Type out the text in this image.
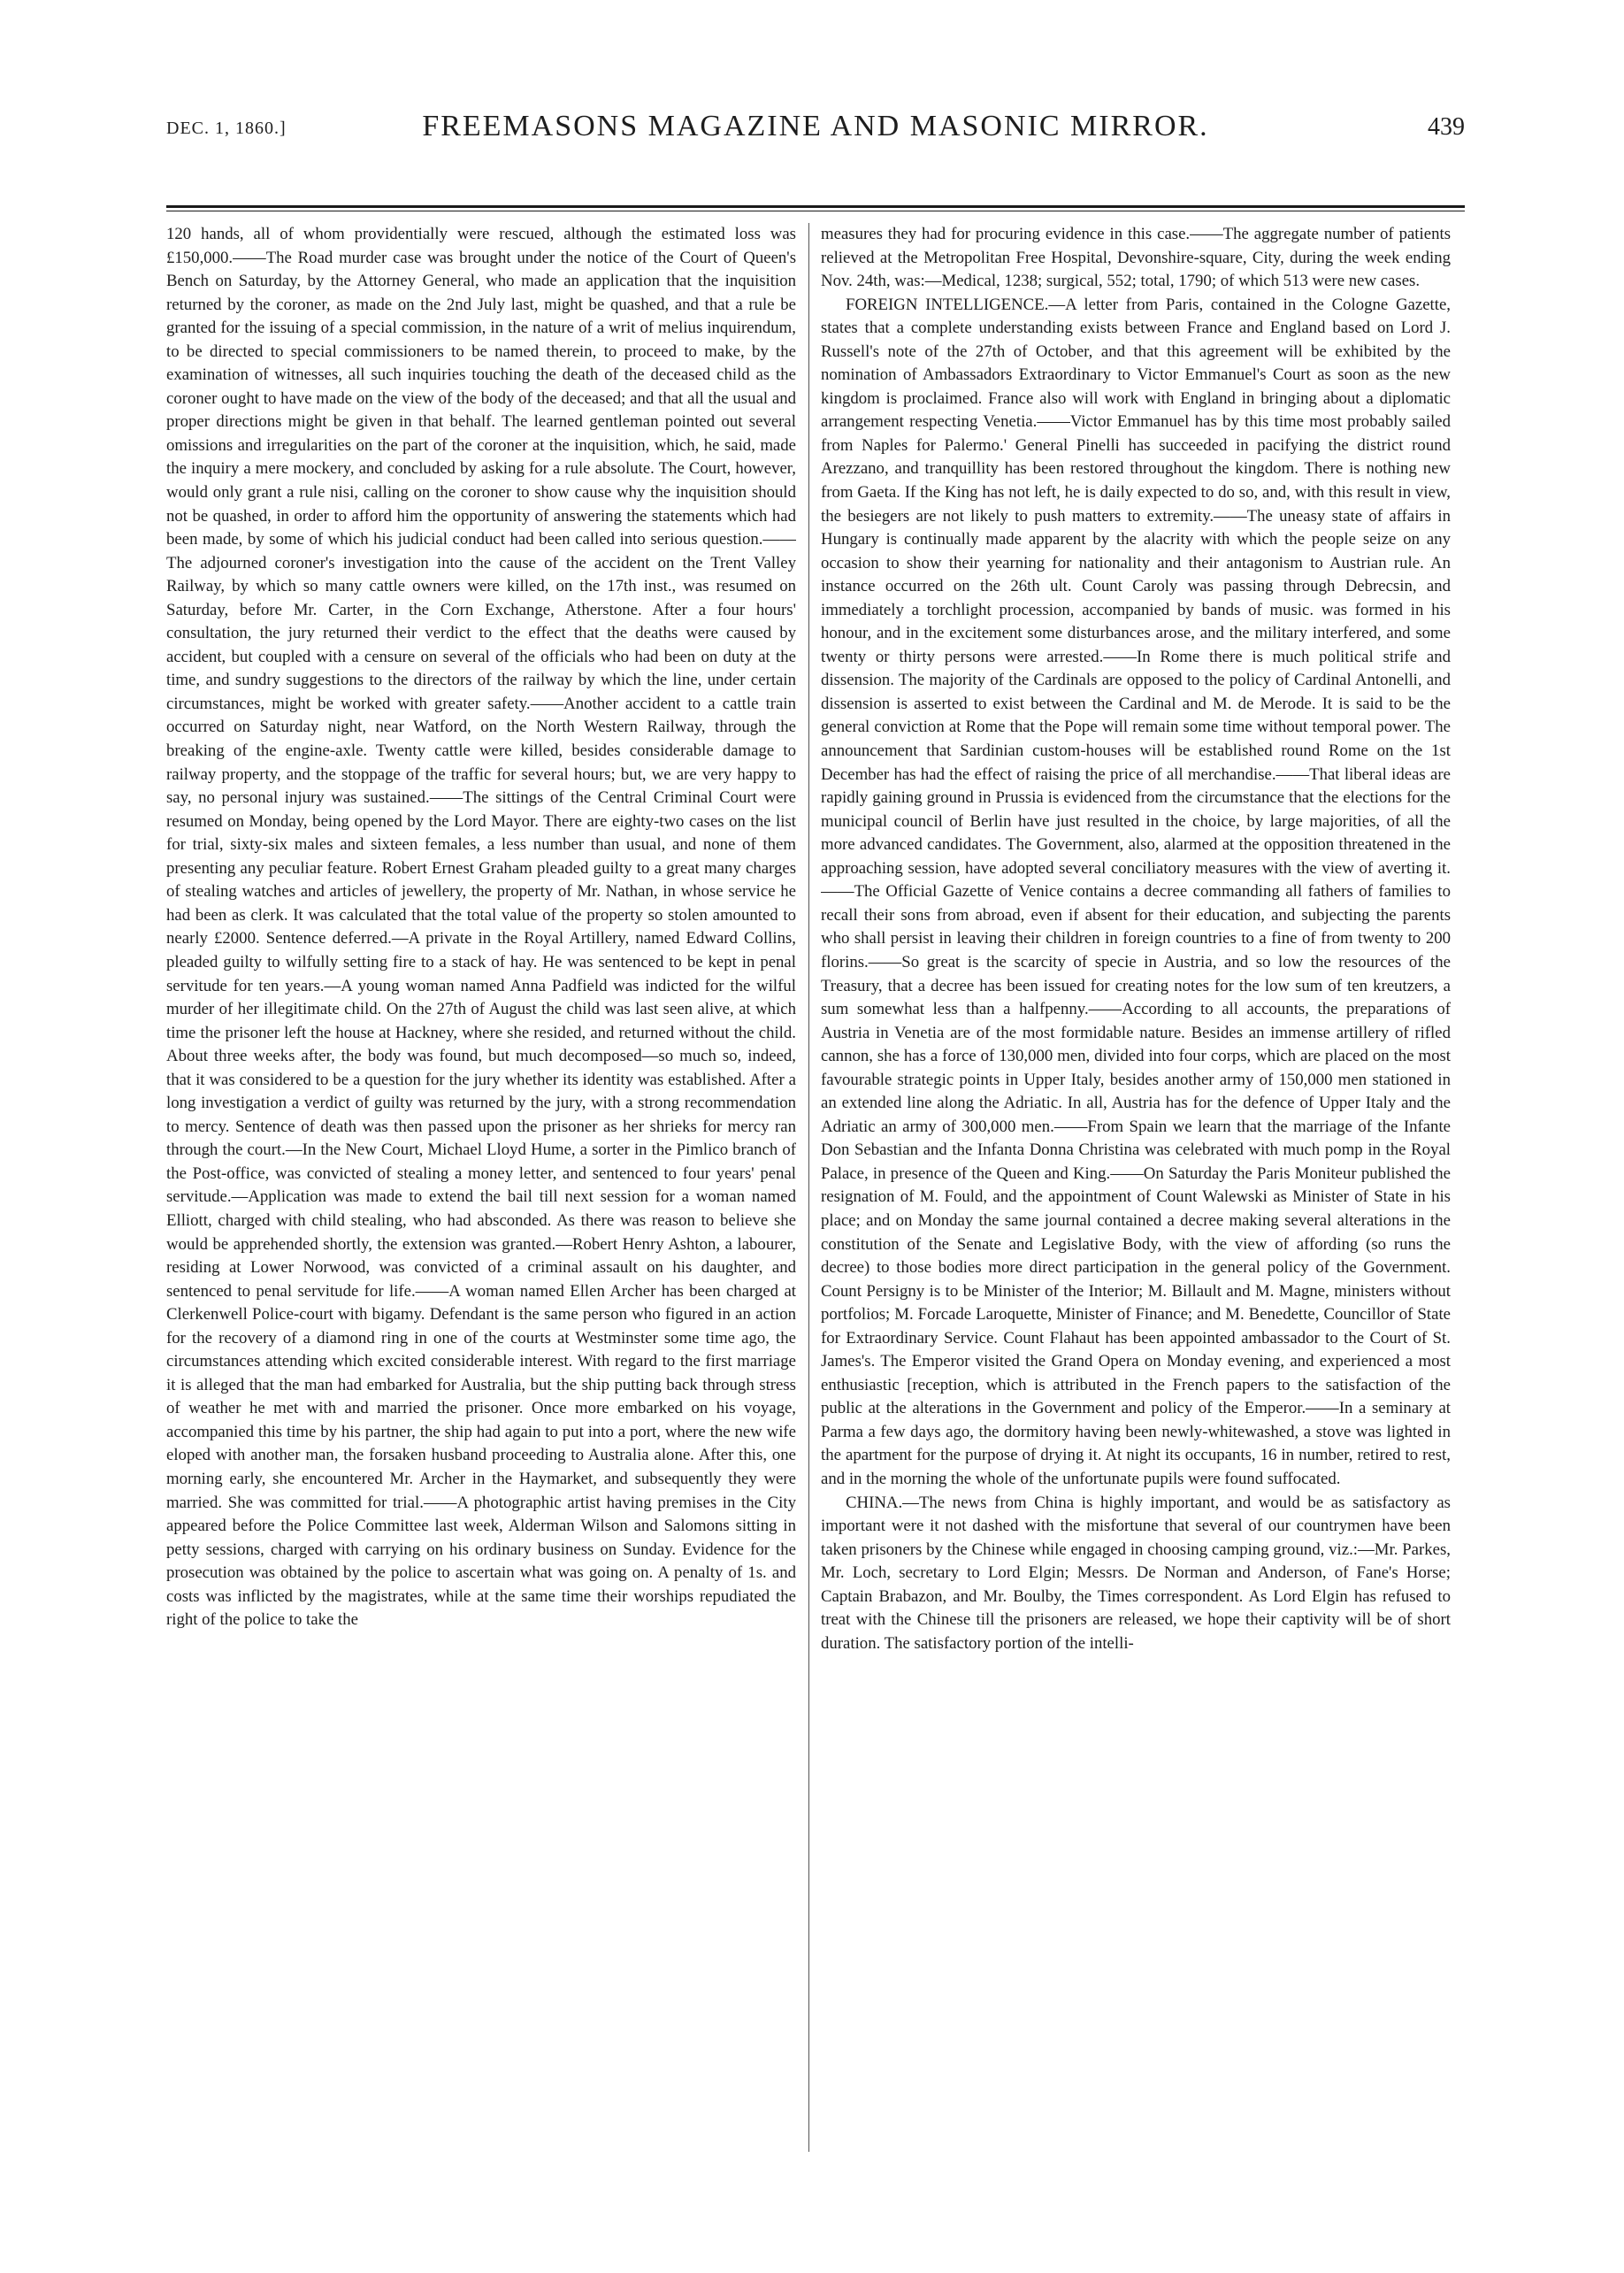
DEC. 1, 1860.]	FREEMASONS MAGAZINE AND MASONIC MIRROR.	439

120 hands, all of whom providentially were rescued, although the estimated loss was £150,000.——The Road murder case was brought under the notice of the Court of Queen's Bench on Saturday, by the Attorney General, who made an application that the inquisition returned by the coroner, as made on the 2nd July last, might be quashed, and that a rule be granted for the issuing of a special commission, in the nature of a writ of melius inquirendum, to be directed to special commissioners to be named therein, to proceed to make, by the examination of witnesses, all such inquiries touching the death of the deceased child as the coroner ought to have made on the view of the body of the deceased; and that all the usual and proper directions might be given in that behalf. The learned gentleman pointed out several omissions and irregularities on the part of the coroner at the inquisition, which, he said, made the inquiry a mere mockery, and concluded by asking for a rule absolute. The Court, however, would only grant a rule nisi, calling on the coroner to show cause why the inquisition should not be quashed, in order to afford him the opportunity of answering the statements which had been made, by some of which his judicial conduct had been called into serious question.——The adjourned coroner's investigation into the cause of the accident on the Trent Valley Railway, by which so many cattle owners were killed, on the 17th inst., was resumed on Saturday, before Mr. Carter, in the Corn Exchange, Atherstone. After a four hours' consultation, the jury returned their verdict to the effect that the deaths were caused by accident, but coupled with a censure on several of the officials who had been on duty at the time, and sundry suggestions to the directors of the railway by which the line, under certain circumstances, might be worked with greater safety.——Another accident to a cattle train occurred on Saturday night, near Watford, on the North Western Railway, through the breaking of the engine-axle. Twenty cattle were killed, besides considerable damage to railway property, and the stoppage of the traffic for several hours; but, we are very happy to say, no personal injury was sustained.——The sittings of the Central Criminal Court were resumed on Monday, being opened by the Lord Mayor. There are eighty-two cases on the list for trial, sixty-six males and sixteen females, a less number than usual, and none of them presenting any peculiar feature. Robert Ernest Graham pleaded guilty to a great many charges of stealing watches and articles of jewellery, the property of Mr. Nathan, in whose service he had been as clerk. It was calculated that the total value of the property so stolen amounted to nearly £2000. Sentence deferred.—A private in the Royal Artillery, named Edward Collins, pleaded guilty to wilfully setting fire to a stack of hay. He was sentenced to be kept in penal servitude for ten years.—A young woman named Anna Padfield was indicted for the wilful murder of her illegitimate child. On the 27th of August the child was last seen alive, at which time the prisoner left the house at Hackney, where she resided, and returned without the child. About three weeks after, the body was found, but much decomposed—so much so, indeed, that it was considered to be a question for the jury whether its identity was established. After a long investigation a verdict of guilty was returned by the jury, with a strong recommendation to mercy. Sentence of death was then passed upon the prisoner as her shrieks for mercy ran through the court.—In the New Court, Michael Lloyd Hume, a sorter in the Pimlico branch of the Post-office, was convicted of stealing a money letter, and sentenced to four years' penal servitude.—Application was made to extend the bail till next session for a woman named Elliott, charged with child stealing, who had absconded. As there was reason to believe she would be apprehended shortly, the extension was granted.—Robert Henry Ashton, a labourer, residing at Lower Norwood, was convicted of a criminal assault on his daughter, and sentenced to penal servitude for life.——A woman named Ellen Archer has been charged at Clerkenwell Police-court with bigamy. Defendant is the same person who figured in an action for the recovery of a diamond ring in one of the courts at Westminster some time ago, the circumstances attending which excited considerable interest. With regard to the first marriage it is alleged that the man had embarked for Australia, but the ship putting back through stress of weather he met with and married the prisoner. Once more embarked on his voyage, accompanied this time by his partner, the ship had again to put into a port, where the new wife eloped with another man, the forsaken husband proceeding to Australia alone. After this, one morning early, she encountered Mr. Archer in the Haymarket, and subsequently they were married. She was committed for trial.——A photographic artist having premises in the City appeared before the Police Committee last week, Alderman Wilson and Salomons sitting in petty sessions, charged with carrying on his ordinary business on Sunday. Evidence for the prosecution was obtained by the police to ascertain what was going on. A penalty of 1s. and costs was inflicted by the magistrates, while at the same time their worships repudiated the right of the police to take the

measures they had for procuring evidence in this case.——The aggregate number of patients relieved at the Metropolitan Free Hospital, Devonshire-square, City, during the week ending Nov. 24th, was:—Medical, 1238; surgical, 552; total, 1790; of which 513 were new cases.

FOREIGN INTELLIGENCE.—A letter from Paris, contained in the Cologne Gazette, states that a complete understanding exists between France and England based on Lord J. Russell's note of the 27th of October, and that this agreement will be exhibited by the nomination of Ambassadors Extraordinary to Victor Emmanuel's Court as soon as the new kingdom is proclaimed. France also will work with England in bringing about a diplomatic arrangement respecting Venetia.——Victor Emmanuel has by this time most probably sailed from Naples for Palermo.' General Pinelli has succeeded in pacifying the district round Arezzano, and tranquillity has been restored throughout the kingdom. There is nothing new from Gaeta. If the King has not left, he is daily expected to do so, and, with this result in view, the besiegers are not likely to push matters to extremity.——The uneasy state of affairs in Hungary is continually made apparent by the alacrity with which the people seize on any occasion to show their yearning for nationality and their antagonism to Austrian rule. An instance occurred on the 26th ult. Count Caroly was passing through Debrecsin, and immediately a torchlight procession, accompanied by bands of music. was formed in his honour, and in the excitement some disturbances arose, and the military interfered, and some twenty or thirty persons were arrested.——In Rome there is much political strife and dissension. The majority of the Cardinals are opposed to the policy of Cardinal Antonelli, and dissension is asserted to exist between the Cardinal and M. de Merode. It is said to be the general conviction at Rome that the Pope will remain some time without temporal power. The announcement that Sardinian custom-houses will be established round Rome on the 1st December has had the effect of raising the price of all merchandise.——That liberal ideas are rapidly gaining ground in Prussia is evidenced from the circumstance that the elections for the municipal council of Berlin have just resulted in the choice, by large majorities, of all the more advanced candidates. The Government, also, alarmed at the opposition threatened in the approaching session, have adopted several conciliatory measures with the view of averting it.——The Official Gazette of Venice contains a decree commanding all fathers of families to recall their sons from abroad, even if absent for their education, and subjecting the parents who shall persist in leaving their children in foreign countries to a fine of from twenty to 200 florins.——So great is the scarcity of specie in Austria, and so low the resources of the Treasury, that a decree has been issued for creating notes for the low sum of ten kreutzers, a sum somewhat less than a halfpenny.——According to all accounts, the preparations of Austria in Venetia are of the most formidable nature. Besides an immense artillery of rifled cannon, she has a force of 130,000 men, divided into four corps, which are placed on the most favourable strategic points in Upper Italy, besides another army of 150,000 men stationed in an extended line along the Adriatic. In all, Austria has for the defence of Upper Italy and the Adriatic an army of 300,000 men.——From Spain we learn that the marriage of the Infante Don Sebastian and the Infanta Donna Christina was celebrated with much pomp in the Royal Palace, in presence of the Queen and King.——On Saturday the Paris Moniteur published the resignation of M. Fould, and the appointment of Count Walewski as Minister of State in his place; and on Monday the same journal contained a decree making several alterations in the constitution of the Senate and Legislative Body, with the view of affording (so runs the decree) to those bodies more direct participation in the general policy of the Government. Count Persigny is to be Minister of the Interior; M. Billault and M. Magne, ministers without portfolios; M. Forcade Laroquette, Minister of Finance; and M. Benedette, Councillor of State for Extraordinary Service. Count Flahaut has been appointed ambassador to the Court of St. James's. The Emperor visited the Grand Opera on Monday evening, and experienced a most enthusiastic [reception, which is attributed in the French papers to the satisfaction of the public at the alterations in the Government and policy of the Emperor.——In a seminary at Parma a few days ago, the dormitory having been newly-whitewashed, a stove was lighted in the apartment for the purpose of drying it. At night its occupants, 16 in number, retired to rest, and in the morning the whole of the unfortunate pupils were found suffocated.

CHINA.—The news from China is highly important, and would be as satisfactory as important were it not dashed with the misfortune that several of our countrymen have been taken prisoners by the Chinese while engaged in choosing camping ground, viz.:—Mr. Parkes, Mr. Loch, secretary to Lord Elgin; Messrs. De Norman and Anderson, of Fane's Horse; Captain Brabazon, and Mr. Boulby, the Times correspondent. As Lord Elgin has refused to treat with the Chinese till the prisoners are released, we hope their captivity will be of short duration. The satisfactory portion of the intelli-
